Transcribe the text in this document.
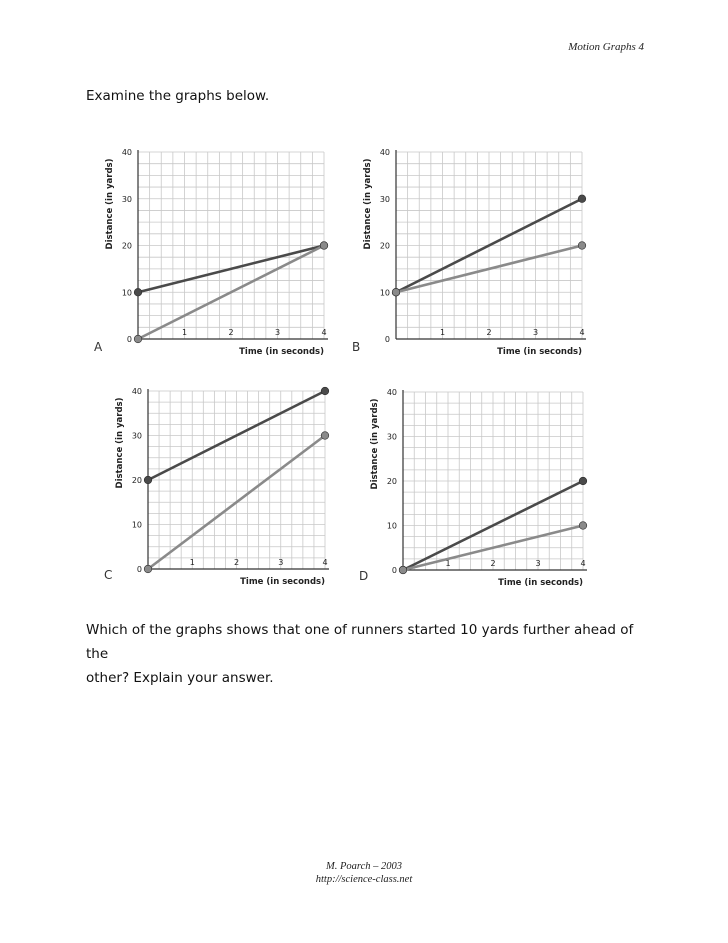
Motion Graphs 4
Examine the graphs below.
0
10
20
30
40
1	2	3	4
Time (in seconds)
Distance (in yards)
A
0
10
20
30
40
1	2	3	4
Time (in seconds)
Distance (in yards)
B
0
10
20
30
40
1	2	3	4
Time (in seconds)
Distance (in yards)
C	0
10
20
30
40
1	2	3	4
Time (in seconds)
Distance (in yards)
D

Which of the graphs shows that one of runners started 10 yards further ahead of the

other? Explain your answer.

M. Poarch – 2003
http://science-class.net
